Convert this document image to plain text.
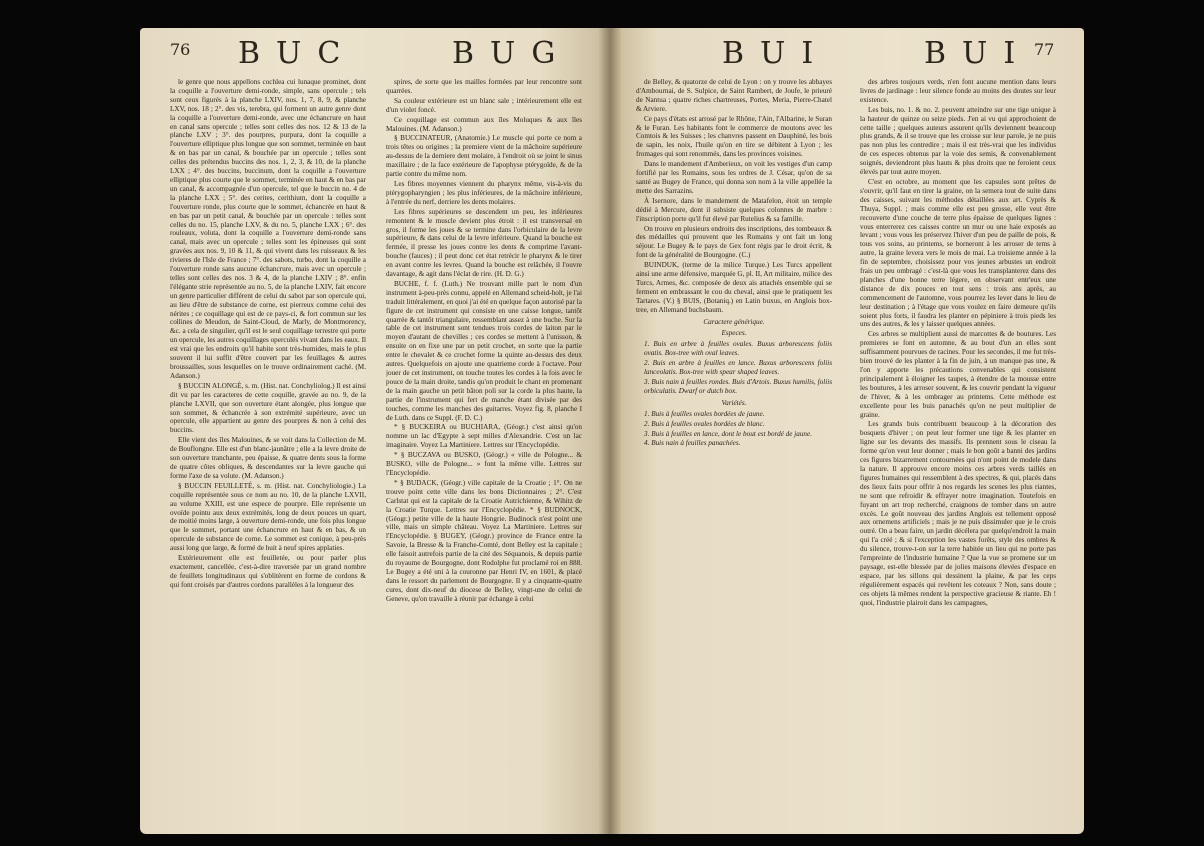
76 BUC	BUG	BUI	BUI 77

le genre que nous appellons cochlea cui lunaque prominet, dont la coquille a l'ouverture demi-ronde, simple, sans opercule ; tels sont ceux figurés à la planche LXIV, nos. 1, 7, 8, 9, & planche LXV, nos. 18 ; 2°. des vis, terebra, qui forment un autre genre dont la coquille a l'ouverture demi-ronde, avec une échancrure en haut en canal sans opercule ; telles sont celles des nos. 12 & 13 de la planche LXV ; 3°. des pourpres, purpura, dont la coquille a l'ouverture elliptique plus longue que son sommet, terminée en haut & en bas par un canal, & bouchée par un opercule ; telles sont celles des prétendus buccins des nos. 1, 2, 3, & 10, de la planche LXX ; 4°. des buccins, buccinum, dont la coquille a l'ouverture elliptique plus courte que le sommet, terminée en haut & en bas par un canal, & accompagnée d'un opercule, tel que le buccin no. 4 de la planche LXX ; 5°. des cerites, cerithium, dont la coquille a l'ouverture ronde, plus courte que le sommet, échancrée en haut & en bas par un petit canal, & bouchée par un opercule : telles sont celles du no. 15, planche LXV, & du no. 5, planche LXX ; 6°. des rouleaux, voluta, dont la coquille a l'ouverture demi-ronde sans canal, mais avec un opercule ; telles sont les épineuses qui sont gravées aux nos. 9, 10 & 11, & qui vivent dans les ruisseaux & les rivieres de l'Isle de France ; 7°. des sabots, turbo, dont la coquille a l'ouverture ronde sans aucune échancrure, mais avec un opercule ; telles sont celles des nos. 3 & 4, de la planche LXIV ; 8°. enfin l'élégante strie représentée au no. 5, de la planche LXIV, fait encore un genre particulier différent de celui du sabot par son opercule qui, au lieu d'être de substance de corne, est pierreux comme celui des nérites ; ce coquillage qui est de ce pays-ci, & fort commun sur les collines de Meudon, de Saint-Cloud, de Marly, de Montmorency, &c. a cela de singulier, qu'il est le seul coquillage terrestre qui porte un opercule, les autres coquillages operculés vivant dans les eaux. Il est vrai que les endroits qu'il habite sont très-humides, mais le plus souvent il lui suffit d'être couvert par les feuillages & autres broussailles, sous lesquelles on le trouve ordinairement caché. (M. Adanson.)

§ BUCCIN ALONGÉ, s. m. (Hist. nat. Conchyliolog.) Il est ainsi dit vu par les caracteres de cette coquille, gravée au no. 9, de la planche LXVII, que son ouverture étant alongée, plus longue que son sommet, & échancrée à son extrémité supérieure, avec un opercule, elle appartient au genre des pourpres & non à celui des buccins.

Elle vient des îles Malouines, & se voit dans la Collection de M. de Bouflongne. Elle est d'un blanc-jaunâtre ; elle a la levre droite de son ouverture tranchante, peu épaisse, & quatre dents sous la forme de quatre côtes obliques, & descendantes sur la levre gauche qui forme l'axe de sa volute. (M. Adanson.)

§ BUCCIN FEUILLETÉ, s. m. (Hist. nat. Conchyliologie.) La coquille représentée sous ce nom au no. 10, de la planche LXVII, au volume XXIII, est une espece de pourpre. Elle représente un ovoïde pointu aux deux extrémités, long de deux pouces un quart, de moitié moins large, à ouverture demi-ronde, une fois plus longue que le sommet, portant une échancrure en haut & en bas, & un opercule de substance de corne. Le sommet est conique, à peu-près aussi long que large, & formé de huit à neuf spires applaties.

Extérieurement elle est feuilletée, ou pour parler plus exactement, cancellée, c'est-à-dire traversée par un grand nombre de feuillets longitudinaux qui s'oblitèrent en forme de cordons & qui font croisés par d'autres cordons parallèles à la longueur des

spires, de sorte que les mailles formées par leur rencontre sont quarrées.

Sa couleur extérieure est un blanc sale ; intérieurement elle est d'un violet foncé.

Ce coquillage est commun aux îles Moluques & aux îles Malouines. (M. Adanson.)

§ BUCCINATEUR, (Anatomie.) Le muscle qui porte ce nom a trois têtes ou origines ; la premiere vient de la mâchoire supérieure au-dessus de la derniere dent molaire, à l'endroit où se joint le sinus maxillaire ; de la face extérieure de l'apophyse ptérygoïde, & de la partie contre du même nom.

Les fibres moyennes viennent du pharynx même, vis-à-vis du ptérygopharyngien ; les plus inférieures, de la mâchoire inférieure, à l'entrée du nerf, derriere les dents molaires.

Les fibres supérieures se descendent un peu, les inférieures remontent & le muscle devient plus étroit : il est transversal en gros, il forme les joues & se termine dans l'orbiculaire de la levre supérieure, & dans celui de la levre inférieure. Quand la bouche est fermée, il presse les joues contre les dents & comprime l'avant-bouche (fauces) ; il peut donc cet état retrécir le pharynx & le tirer en avant contre les levres. Quand la bouche est relâchée, il l'ouvre davantage, & agit dans l'éclat de rire. (H. D. G.)

BUCHE, f. f. (Luth.) Ne trouvant mille part le nom d'un instrument à-peu-près connu, appelé en Allemand scheid-holt, je l'ai traduit littéralement, en quoi j'ai été en quelque façon autorisé par la figure de cet instrument qui consiste en une caisse longue, tantôt quarrée & tantôt triangulaire, ressemblant assez à une buche. Sur la table de cet instrument sont tendues trois cordes de laiton par le moyen d'autant de chevilles ; ces cordes se mettent à l'unisson, & ensuite on en fixe une par un petit crochet, en sorte que la partie entre le chevalet & ce crochet forme la quinte au-dessus des deux autres. Quelquefois on ajoute une quatrieme corde à l'octave. Pour jouer de cet instrument, on touche toutes les cordes à la fois avec le pouce de la main droite, tandis qu'on produit le chant en promenant de la main gauche un petit bâton poli sur la corde la plus haute, la partie de l'instrument qui fert de manche étant divisée par des touches, comme les manches des guitarres. Voyez fig. 8, planche I de Luth. dans ce Suppl. (F. D. C.)

* § BUCKEIRA ou BUCHIARA, (Géogr.) c'est ainsi qu'on nomme un lac d'Egypte à sept milles d'Alexandrie. C'est un lac imaginaire. Voyez La Martiniere. Lettres sur l'Encyclopédie.

* § BUCZAVA ou BUSKO, (Géogr.) « ville de Pologne... & BUSKO, ville de Pologne... » font la même ville. Lettres sur l'Encyclopédie.

* § BUDACK, (Géogr.) ville capitale de la Croatie ; 1°. On ne trouve point cette ville dans les bons Dictionnaires ; 2°. C'est Carlstat qui est la capitale de la Croatie Autrichienne, & Wihitz de la Croatie Turque. Lettres sur l'Encyclopédie. * § BUDNOCK, (Géogr.) petite ville de la haute Hongrie. Budinock n'est point une ville, mais un simple château. Voyez La Martiniere. Lettres sur l'Encyclopédie. § BUGEY, (Géogr.) province de France entre la Savoie, la Bresse & la Franche-Comté, dont Belley est la capitale ; elle faisoit autrefois partie de la cité des Séquanois, & depuis partie du royaume de Bourgogne, dont Rodolphe fut proclamé roi en 888. Le Bugey a été uni à la couronne par Henri IV, en 1601, & placé dans le ressort du parlement de Bourgogne. Il y a cinquante-quatre cures, dont dix-neuf du diocese de Belley, vingt-une de celui de Geneve, qu'on travaille à réunir par échange à celui

de Belley, & quatorze de celui de Lyon : on y trouve les abbayes d'Ambournai, de S. Sulpice, de Saint Rambert, de Joufe, le prieuré de Nantua ; quatre riches chartreuses, Portes, Meria, Pierre-Chatel & Arviere.

Ce pays d'états est arrosé par le Rhône, l'Ain, l'Albarine, le Suran & le Furan. Les habitants font le commerce de moutons avec les Comtois & les Suisses ; les chanvres passent en Dauphiné, les bois de sapin, les noix, l'huile qu'on en tire se débitent à Lyon ; les fromages qui sont renommés, dans les provinces voisines.

Dans le mandement d'Amberieux, on voit les vestiges d'un camp fortifié par les Romains, sous les ordres de J. César, qu'on de sa santé au Bugey de France, qui donna son nom à la ville appellée la mette des Sarrazins.

À Isernore, dans le mandement de Matafelon, étoit un temple dédié à Mercure, dont il subsiste quelques colonnes de marbre : l'inscription porte qu'il fut élevé par Rutelius & sa famille.

On trouve en plusieurs endroits des inscriptions, des tombeaux & des médailles qui prouvent que les Romains y ont fait un long séjour. Le Bugey & le pays de Gex font régis par le droit écrit, & font de la généralité de Bourgogne. (C.)

BUINDUK, (terme de la milice Turque.) Les Turcs appellent ainsi une arme défensive, marquée G, pl. II, Art militaire, milice des Turcs, Armes, &c. composée de deux ais attachés ensemble qui se ferment en embrassant le cou du cheval, ainsi que le pratiquent les Tartares. (V.) § BUIS, (Botaniq.) en Latin buxus, en Anglois box-tree, en Allemand buchsbaum.

Caractere générique.

Especes.

1. Buis en arbre à feuilles ovales. Buxus arborescens foliis ovatis. Box-tree with oval leaves.

2. Buis en arbre à feuilles en lance. Buxus arborescens foliis lanceolatis. Box-tree with spear shaped leaves.

3. Buis nain à feuilles rondes. Buis d'Artois. Buxus humilis, foliis orbiculatis. Dwarf or dutch box.

Variétés.

1. Buis à feuilles ovales bordées de jaune.

2. Buis à feuilles ovales bordées de blanc.

3. Buis à feuilles en lance, dont le bout est bordé de jaune.

4. Buis nain à feuilles panachées.

des arbres toujours verds, n'en font aucune mention dans leurs livres de jardinage : leur silence fonde au moins des doutes sur leur existence.

Les buis, no. 1. & no. 2. peuvent atteindre sur une tige unique à la hauteur de quinze ou seize pieds. J'en ai vu qui approchoient de cette taille ; quelques auteurs assurent qu'ils deviennent beaucoup plus grands, & il se trouve que les croisse sur leur parole, je ne puis pas non plus les contredire ; mais il est très-vrai que les individus de ces especes obtenus par la voie des semis, & convenablement soignés, deviendront plus hauts & plus droits que ne feroient ceux élevés par tout autre moyen.

C'est en octobre, au moment que les capsules sont prêtes de s'ouvrir, qu'il faut en tirer la graine, on la semera tout de suite dans des caisses, suivant les méthodes détaillées aux art. Cyprès & Thuya, Suppl. ; mais comme elle est peu grosse, elle veut être recouverte d'une couche de terre plus épaisse de quelques lignes : vous enterrerez ces caisses contre un mur ou une haie exposés au levant ; vous vous les préservez l'hiver d'un peu de paille de pois, & tous vos soins, au printems, se borneront à les arroser de tems à autre, la graine levera vers le mois de mai. La troisieme année à la fin de septembre, choisissez pour vos jeunes arbustes un endroit frais un peu ombragé : c'est-là que vous les transplanterez dans des planches d'une bonne terre légere, en observant entr'eux une distance de dix pouces en tout sens : trois ans après, au commencement de l'automne, vous pourrez les lever dans le lieu de leur destination ; à l'étage que vous voulez en faire demeure qu'ils soient plus forts, il faudra les planter en pépiniere à trois pieds les uns des autres, & les y laisser quelques années.

Ces arbres se multiplient aussi de marcottes & de boutures. Les premieres se font en automne, & au bout d'un an elles sont suffisamment pourvues de racines. Pour les secondes, il me fut très-bien trouvé de les planter à la fin de juin, à un manque pas une, & l'on y apporte les précautions convenables qui consistent principalement à éloigner les taupes, à étendre de la mousse entre les boutures, à les arroser souvent, & les couvrir pendant la vigueur de l'hiver, & à les ombrager au printems. Cette méthode est excellente pour les buis panachés qu'on ne peut multiplier de graine.

Les grands buis contribuent beaucoup à la décoration des bosquets d'hiver ; on peut leur former une tige & les planter en ligne sur les devants des massifs. Ils prennent sous le ciseau la forme qu'on veut leur donner ; mais le bon goût a banni des jardins ces figures bizarrement contournées qui n'ont point de modele dans la nature. Il approuve encore moins ces arbres verds taillés en figures humaines qui ressemblent à des spectres, & qui, placés dans des lieux faits pour offrir à nos regards les scenes les plus riantes, ne sont que refroidir & effrayer notre imagination. Toutefois en fuyant un art trop recherché, craignons de tomber dans un autre excès. Le goût nouveau des jardins Anglois est tellement opposé aux ornemens artificiels ; mais je ne puis dissimuler que je le crois outré. On a beau faire, un jardin décélera par quelqu'endroit la main qui l'a créé ; & si l'exception les vastes forêts, style des ombres & du silence, trouve-t-on sur la terre habitée un lieu qui ne porte pas l'empreinte de l'industrie humaine ? Que la vue se promene sur un paysage, est-elle blessée par de jolies maisons élevées d'espace en espace, par les sillons qui dessinent la plaine, & par les ceps régulièrement espacés qui revêtent les coteaux ? Non, sans doute ; ces objets là mêmes rendent la perspective gracieuse & riante. Eh ! quoi, l'industrie plairoit dans les campagnes,
